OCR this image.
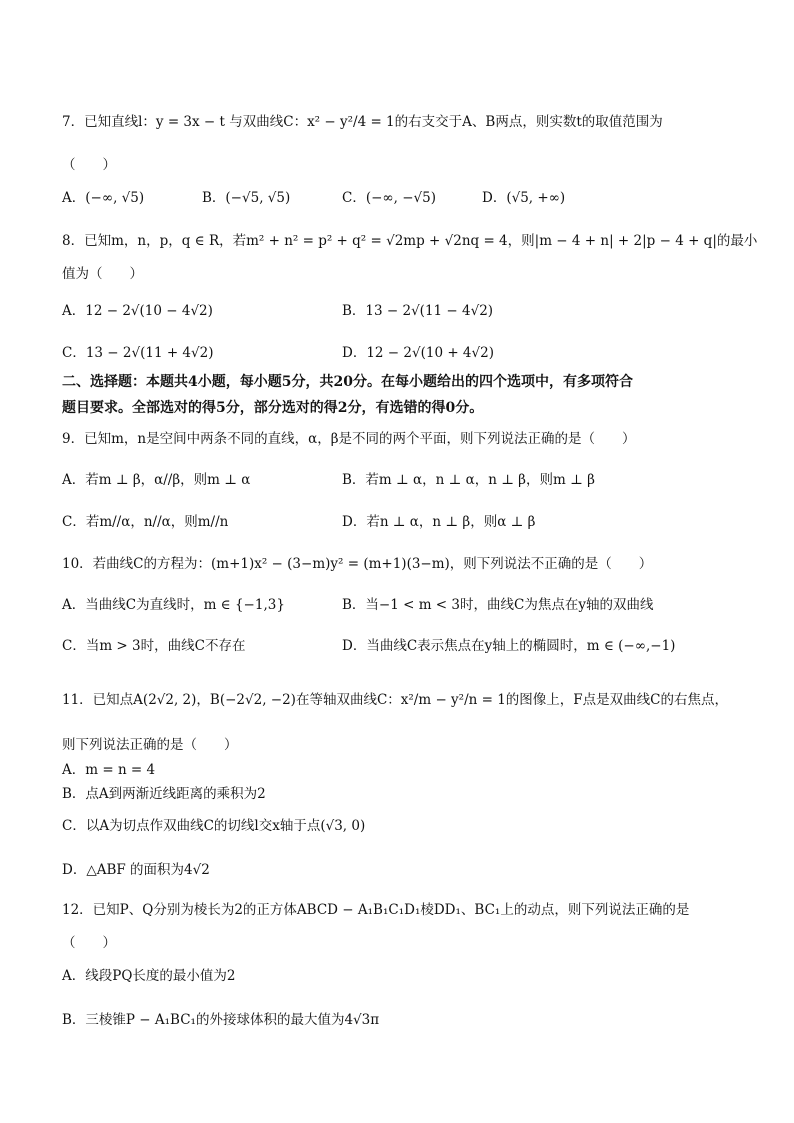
7．已知直线l：y = 3x − t 与双曲线C：x² − y²/4 = 1的右支交于A、B两点，则实数t的取值范围为
（　　）
A．(−∞, √5)	B．(−√5, √5)	C．(−∞, −√5)	D．(√5, +∞)
8．已知m，n，p，q ∈ R，若m² + n² = p² + q² = √2mp + √2nq = 4，则|m − 4 + n| + 2|p − 4 + q|的最小
值为（　　）
A．12 − 2√(10 − 4√2)	B．13 − 2√(11 − 4√2)
C．13 − 2√(11 + 4√2)	D．12 − 2√(10 + 4√2)
二、选择题：本题共4小题，每小题5分，共20分。在每小题给出的四个选项中，有多项符合
题目要求。全部选对的得5分，部分选对的得2分，有选错的得0分。
9．已知m，n是空间中两条不同的直线，α，β是不同的两个平面，则下列说法正确的是（　　）
A．若m ⊥ β，α//β，则m ⊥ α	B．若m ⊥ α，n ⊥ α，n ⊥ β，则m ⊥ β
C．若m//α，n//α，则m//n	D．若n ⊥ α，n ⊥ β，则α ⊥ β
10．若曲线C的方程为：(m+1)x² − (3−m)y² = (m+1)(3−m)，则下列说法不正确的是（　　）
A．当曲线C为直线时，m ∈ {−1,3}	B．当−1 < m < 3时，曲线C为焦点在y轴的双曲线
C．当m > 3时，曲线C不存在	D．当曲线C表示焦点在y轴上的椭圆时，m ∈ (−∞,−1)
11．已知点A(2√2, 2)，B(−2√2, −2)在等轴双曲线C：x²/m − y²/n = 1的图像上，F点是双曲线C的右焦点，
则下列说法正确的是（　　）
A．m = n = 4
B．点A到两渐近线距离的乘积为2
C．以A为切点作双曲线C的切线l交x轴于点(√3, 0)
D．△ABF 的面积为4√2
12．已知P、Q分别为棱长为2的正方体ABCD − A₁B₁C₁D₁棱DD₁、BC₁上的动点，则下列说法正确的是
（　　）
A．线段PQ长度的最小值为2
B．三棱锥P − A₁BC₁的外接球体积的最大值为4√3π
